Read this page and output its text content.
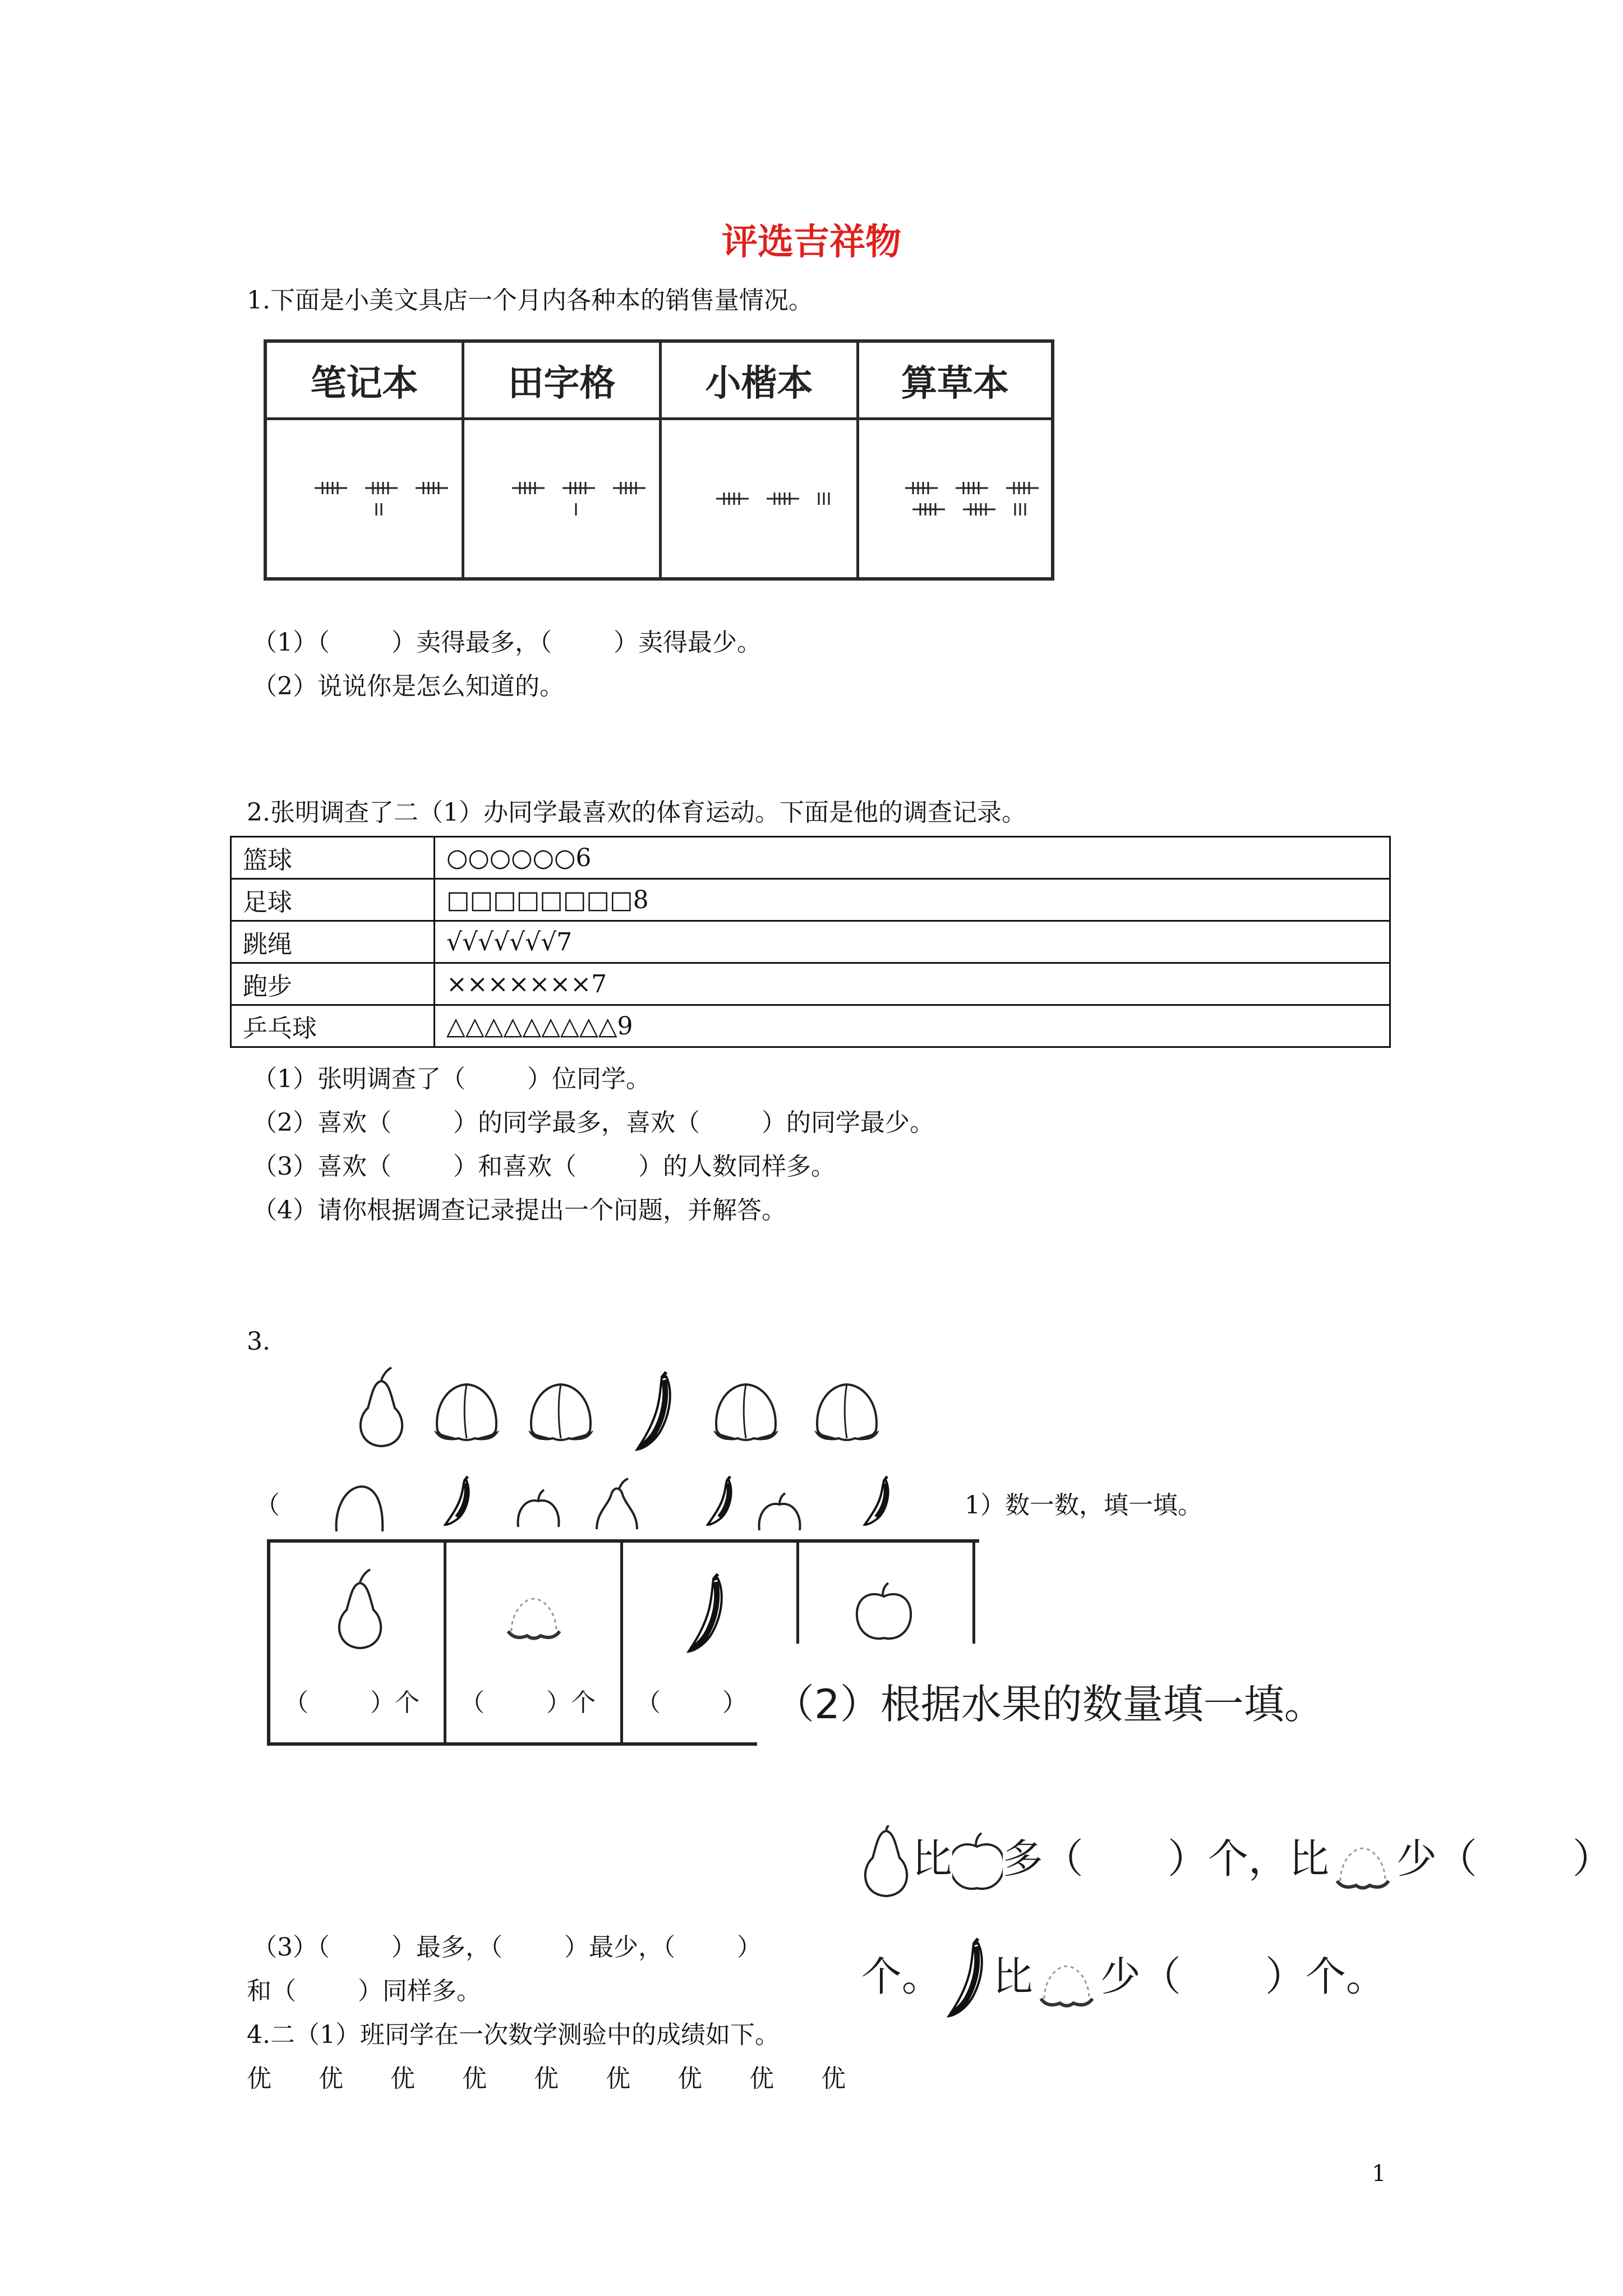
评选吉祥物
1.下面是小美文具店一个月内各种本的销售量情况。
笔记本	田字格	小楷本	算草本
（1）（	）卖得最多，（	）卖得最少。
（2）说说你是怎么知道的。
2.张明调查了二（1）办同学最喜欢的体育运动。下面是他的调查记录。
篮球	○○○○○○6
足球	□□□□□□□□8
跳绳	√√√√√√√7
跑步	×××××××7
乒乓球	△△△△△△△△△9
（1）张明调查了（	）位同学。
（2）喜欢（	）的同学最多，喜欢（	）的同学最少。
（3）喜欢（	）和喜欢（	）的人数同样多。
（4）请你根据调查记录提出一个问题，并解答。
3.
（	1）数一数，填一填。
（	）个 （	）个 （	） （2）根据水果的数量填一填。

比 多（ ）个，比 少（ ）

个。 比 少（ ）个。

（3）（	）最多，（	）最少，（	）
和（	）同样多。
4.二（1）班同学在一次数学测验中的成绩如下。
优	优	优	优	优	优	优	优	优
1
